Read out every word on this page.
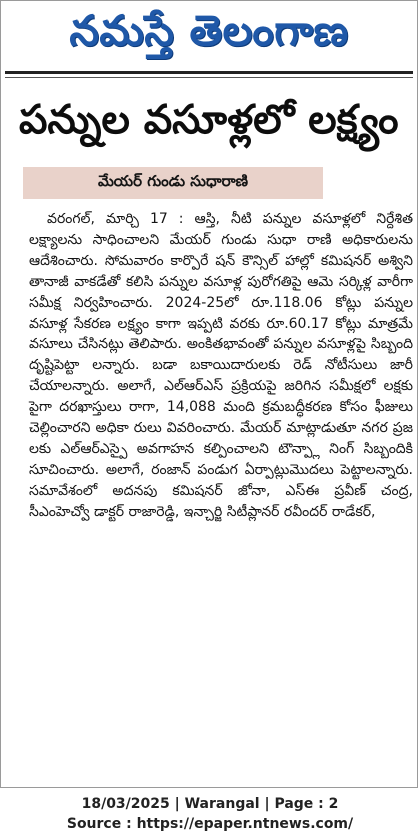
నమస్తే తెలంగాణ
పన్నుల వసూళ్లలో లక్ష్యం
మేయర్ గుండు సుధారాణి

వరంగల్, మార్చి 17 : ఆస్తి, నీటి పన్నుల వసూళ్లలో నిర్దేశిత లక్ష్యాలను సాధించాలని మేయర్ గుండు సుధా రాణి అధికారులను ఆదేశించారు. సోమవారం కార్పొరే షన్ కౌన్సిల్ హాల్లో కమిషనర్ అశ్విని తానాజీ వాకడేతో కలిసి పన్నుల వసూళ్ల పురోగతిపై ఆమె సర్కిళ్ల వారీగా సమీక్ష నిర్వహించారు. 2024-25లో రూ.118.06 కోట్లు పన్నుల వసూళ్ల సేకరణ లక్ష్యం కాగా ఇప్పటి వరకు రూ.60.17 కోట్లు మాత్రమే వసూలు చేసినట్లు తెలిపారు. అంకితభావంతో పన్నుల వసూళ్లపై సిబ్బంది దృష్టిపెట్టా లన్నారు. బడా బకాయిదారులకు రెడ్ నోటీసులు జారీ చేయాలన్నారు. అలాగే, ఎల్ఆర్ఎస్ ప్రక్రియపై జరిగిన సమీక్షలో లక్షకు పైగా దరఖాస్తులు రాగా, 14,088 మంది క్రమబద్ధీకరణ కోసం ఫీజులు చెల్లించారని అధికా రులు వివరించారు. మేయర్ మాట్లాడుతూ నగర ప్రజ లకు ఎల్ఆర్ఎస్పై అవగాహన కల్పించాలని టౌన్ప్లా నింగ్ సిబ్బందికి సూచించారు. అలాగే, రంజాన్ పండుగ ఏర్పాట్లుమొదలు పెట్టాలన్నారు. సమావేశంలో అదనపు కమిషనర్ జోనా, ఎస్ఈ ప్రవీణ్ చంద్ర, సీఎంహెచ్వో డాక్టర్ రాజారెడ్డి, ఇన్చార్జి సిటీప్లానర్ రవీందర్ రాడేకర్,

18/03/2025 | Warangal | Page : 2
Source : https://epaper.ntnews.com/
